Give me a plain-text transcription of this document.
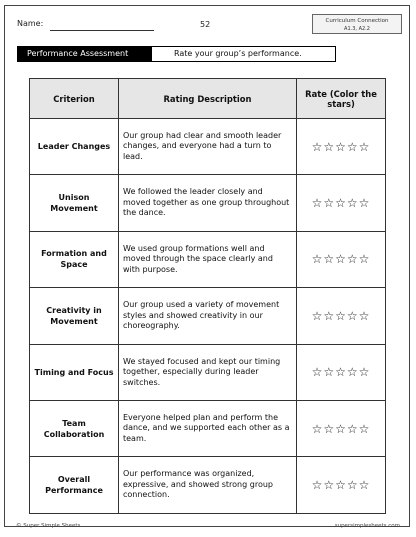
Name:	52	Curriculum Connection
A1.3, A2.2
Performance Assessment	Rate your group’s performance.
Criterion	Rating Description	Rate (Color the stars)
Leader Changes	Our group had clear and smooth leader changes, and everyone had a turn to lead.	☆☆☆☆☆
Unison Movement	We followed the leader closely and moved together as one group throughout the dance.	☆☆☆☆☆
Formation and Space	We used group formations well and moved through the space clearly and with purpose.	☆☆☆☆☆
Creativity in Movement	Our group used a variety of movement styles and showed creativity in our choreography.	☆☆☆☆☆
Timing and Focus	We stayed focused and kept our timing together, especially during leader switches.	☆☆☆☆☆
Team Collaboration	Everyone helped plan and perform the dance, and we supported each other as a team.	☆☆☆☆☆
Overall Performance	Our performance was organized, expressive, and showed strong group connection.	☆☆☆☆☆
© Super Simple Sheets	supersimplesheets.com
